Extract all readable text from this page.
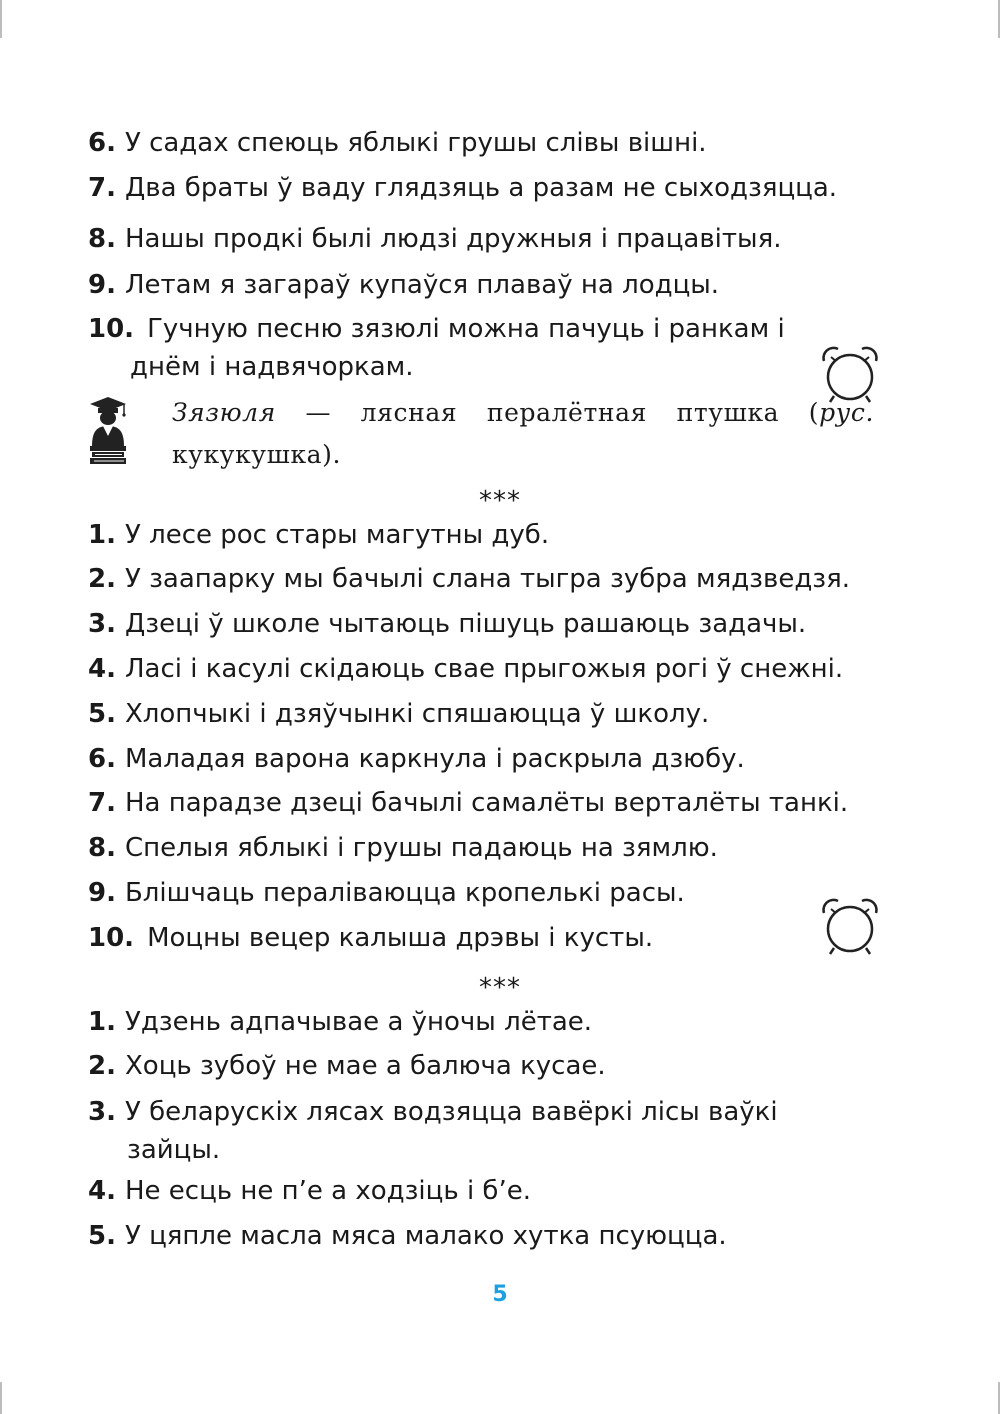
6. У садах спеюць яблыкі грушы слівы вішні.
7. Два браты ў ваду глядзяць а разам не сыходзяцца.
8. Нашы продкі былі людзі дружныя і працавітыя.
9. Летам я загараў купаўся плаваў на лодцы.
10. Гучную песню зязюлі можна пачуць і ранкам і
днём і надвячоркам.
Зязюля — лясная пералётная птушка (рус. кукукушка).
***
1. У лесе рос стары магутны дуб.
2. У заапарку мы бачылі слана тыгра зубра мядзведзя.
3. Дзеці ў школе чытаюць пішуць рашаюць задачы.
4. Ласі і касулі скідаюць свае прыгожыя рогі ў снежні.
5. Хлопчыкі і дзяўчынкі спяшаюцца ў школу.
6. Маладая варона каркнула і раскрыла дзюбу.
7. На парадзе дзеці бачылі самалёты верталёты танкі.
8. Спелыя яблыкі і грушы падаюць на зямлю.
9. Блішчаць пераліваюцца кропелькі расы.
10. Моцны вецер калыша дрэвы і кусты.
***
1. Удзень адпачывае а ўночы лётае.
2. Хоць зубоў не мае а балюча кусае.
3. У беларускіх лясах водзяцца вавёркі лісы ваўкі
зайцы.
4. Не есць не п’е а ходзіць і б’е.
5. У цяпле масла мяса малако хутка псуюцца.
5
